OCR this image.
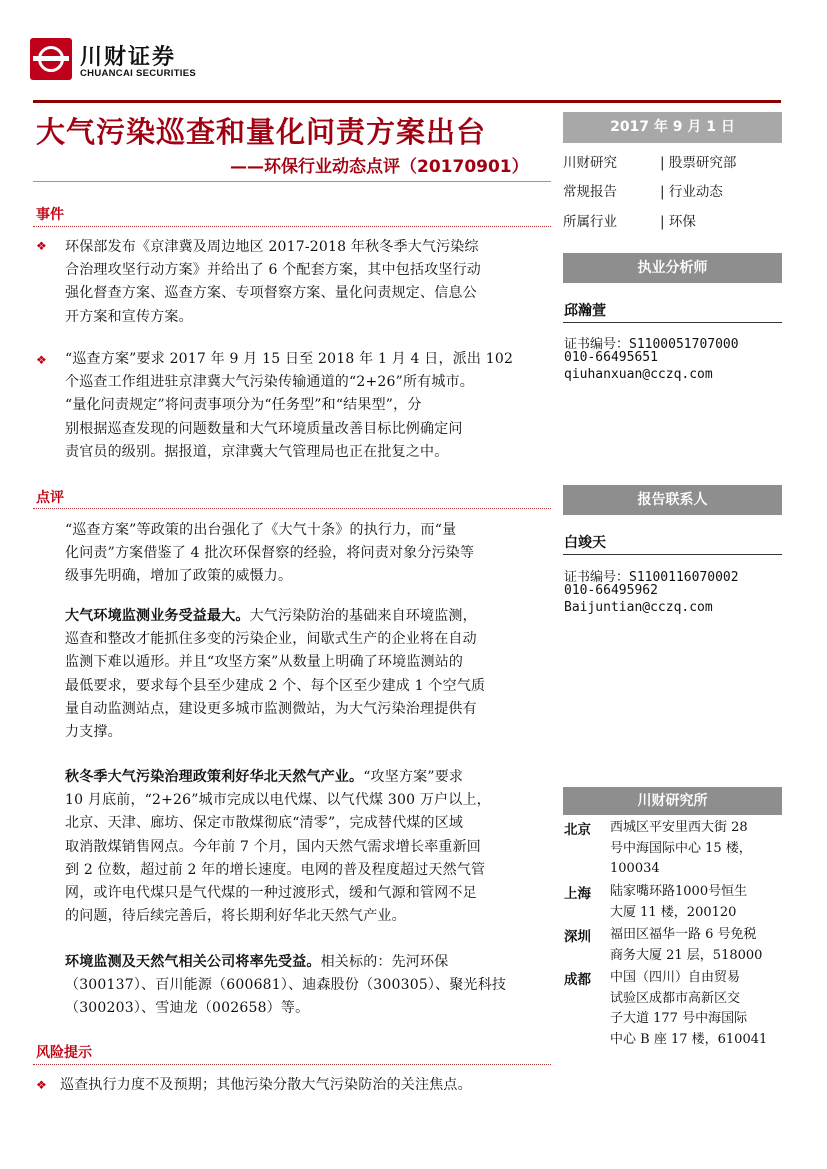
川财证券
CHUANCAI SECURITIES
大气污染巡查和量化问责方案出台
——环保行业动态点评（20170901）
事件
❖ 环保部发布《京津冀及周边地区 2017-2018 年秋冬季大气污染综
合治理攻坚行动方案》并给出了 6 个配套方案，其中包括攻坚行动
强化督查方案、巡查方案、专项督察方案、量化问责规定、信息公
开方案和宣传方案。
❖ “巡查方案”要求 2017 年 9 月 15 日至 2018 年 1 月 4 日，派出 102
个巡查工作组进驻京津冀大气污染传输通道的“2+26”所有城市。
“量化问责规定”将问责事项分为“任务型”和“结果型”，分
别根据巡查发现的问题数量和大气环境质量改善目标比例确定问
责官员的级别。据报道，京津冀大气管理局也正在批复之中。
点评
“巡查方案”等政策的出台强化了《大气十条》的执行力，而“量
化问责”方案借鉴了 4 批次环保督察的经验，将问责对象分污染等
级事先明确，增加了政策的威慑力。
大气环境监测业务受益最大。大气污染防治的基础来自环境监测，
巡查和整改才能抓住多变的污染企业，间歇式生产的企业将在自动
监测下难以遁形。并且“攻坚方案”从数量上明确了环境监测站的
最低要求，要求每个县至少建成 2 个、每个区至少建成 1 个空气质
量自动监测站点，建设更多城市监测微站，为大气污染治理提供有
力支撑。
秋冬季大气污染治理政策利好华北天然气产业。“攻坚方案”要求
10 月底前，“2+26”城市完成以电代煤、以气代煤 300 万户以上，
北京、天津、廊坊、保定市散煤彻底“清零”，完成替代煤的区域
取消散煤销售网点。今年前 7 个月，国内天然气需求增长率重新回
到 2 位数，超过前 2 年的增长速度。电网的普及程度超过天然气管
网，或许电代煤只是气代煤的一种过渡形式，缓和气源和管网不足
的问题，待后续完善后，将长期利好华北天然气产业。
环境监测及天然气相关公司将率先受益。相关标的：先河环保
（300137）、百川能源（600681）、迪森股份（300305）、聚光科技
（300203）、雪迪龙（002658）等。
风险提示
❖ 巡查执行力度不及预期；其他污染分散大气污染防治的关注焦点。
2017 年 9 月 1 日
川财研究	| 股票研究部
常规报告	| 行业动态
所属行业	| 环保
执业分析师
邱瀚萱
证书编号：S1100051707000
010-66495651
qiuhanxuan@cczq.com
报告联系人
白竣天
证书编号：S1100116070002
010-66495962
Baijuntian@cczq.com
川财研究所
北京 西城区平安里西大街 28
号中海国际中心 15 楼，
100034
上海 陆家嘴环路1000号恒生
大厦 11 楼，200120
深圳 福田区福华一路 6 号免税
商务大厦 21 层，518000
成都 中国（四川）自由贸易
试验区成都市高新区交
子大道 177 号中海国际
中心 B 座 17 楼，610041
